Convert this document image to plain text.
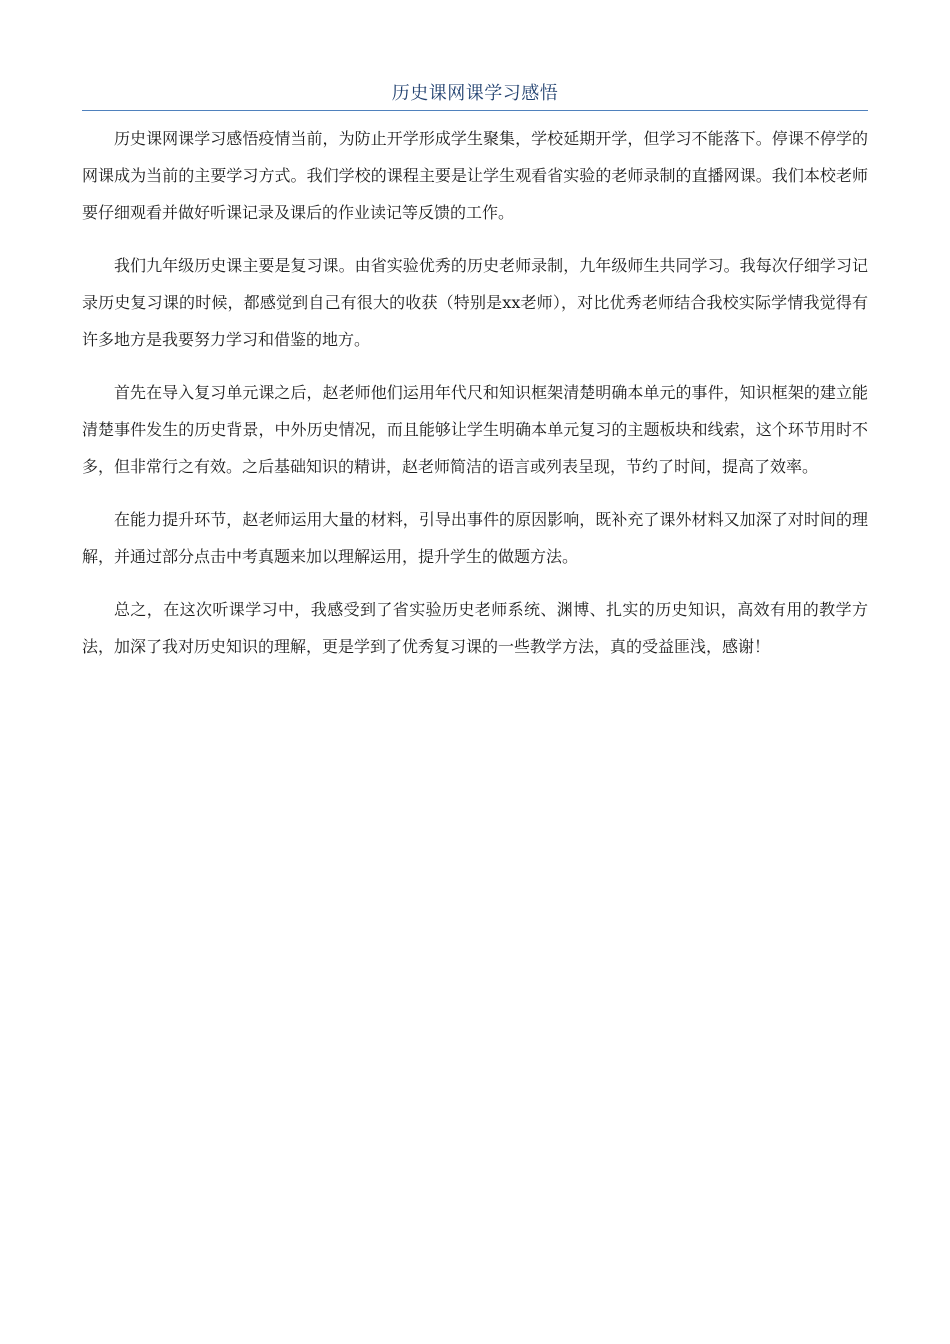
历史课网课学习感悟

历史课网课学习感悟疫情当前，为防止开学形成学生聚集，学校延期开学，但学习不能落下。停课不停学的网课成为当前的主要学习方式。我们学校的课程主要是让学生观看省实验的老师录制的直播网课。我们本校老师要仔细观看并做好听课记录及课后的作业读记等反馈的工作。

我们九年级历史课主要是复习课。由省实验优秀的历史老师录制，九年级师生共同学习。我每次仔细学习记录历史复习课的时候，都感觉到自己有很大的收获（特别是xx老师），对比优秀老师结合我校实际学情我觉得有许多地方是我要努力学习和借鉴的地方。

首先在导入复习单元课之后，赵老师他们运用年代尺和知识框架清楚明确本单元的事件，知识框架的建立能清楚事件发生的历史背景，中外历史情况，而且能够让学生明确本单元复习的主题板块和线索，这个环节用时不多，但非常行之有效。之后基础知识的精讲，赵老师简洁的语言或列表呈现，节约了时间，提高了效率。

在能力提升环节，赵老师运用大量的材料，引导出事件的原因影响，既补充了课外材料又加深了对时间的理解，并通过部分点击中考真题来加以理解运用，提升学生的做题方法。

总之，在这次听课学习中，我感受到了省实验历史老师系统、渊博、扎实的历史知识，高效有用的教学方法，加深了我对历史知识的理解，更是学到了优秀复习课的一些教学方法，真的受益匪浅，感谢！
